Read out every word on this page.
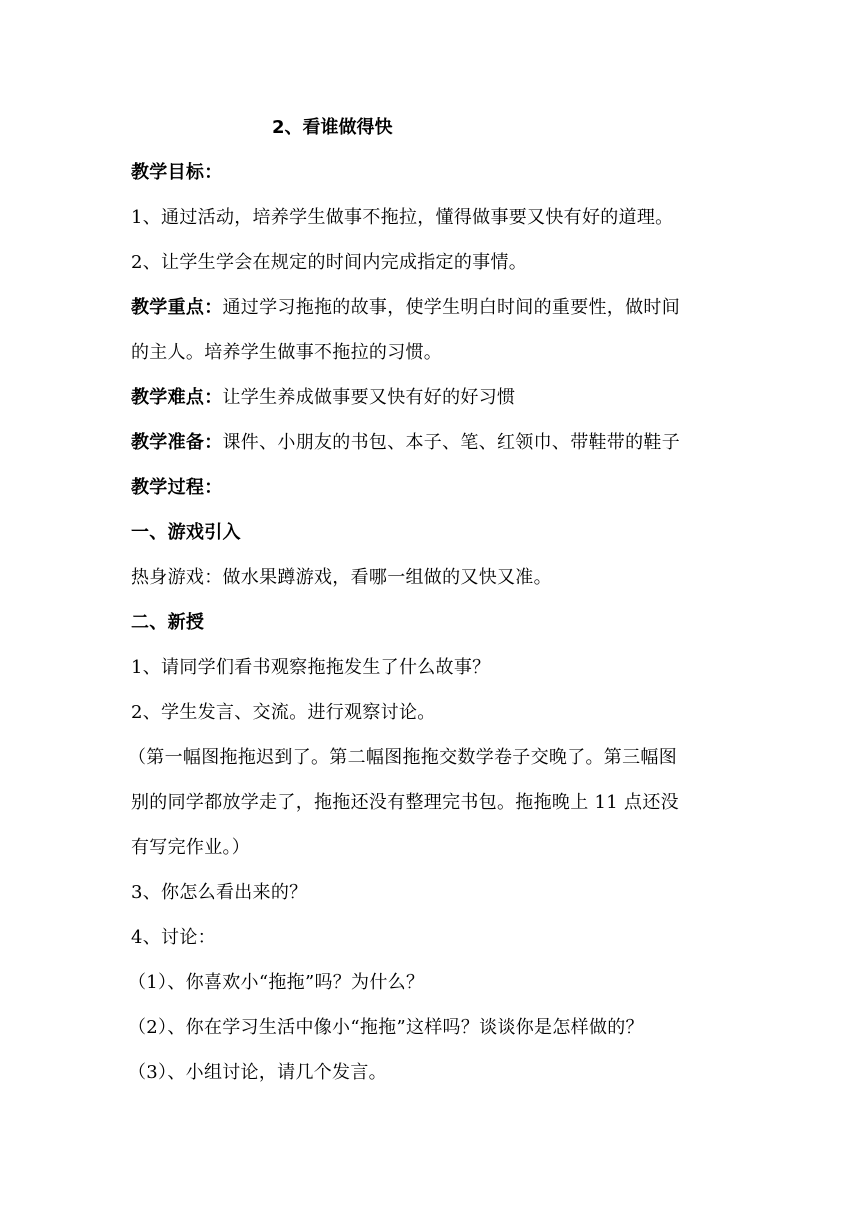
2、看谁做得快
教学目标：
1、通过活动，培养学生做事不拖拉，懂得做事要又快有好的道理。
2、让学生学会在规定的时间内完成指定的事情。
教学重点：通过学习拖拖的故事，使学生明白时间的重要性，做时间
的主人。培养学生做事不拖拉的习惯。
教学难点：让学生养成做事要又快有好的好习惯
教学准备：课件、小朋友的书包、本子、笔、红领巾、带鞋带的鞋子
教学过程：
一、游戏引入
热身游戏：做水果蹲游戏，看哪一组做的又快又准。
二、新授
1、请同学们看书观察拖拖发生了什么故事？
2、学生发言、交流。进行观察讨论。
（第一幅图拖拖迟到了。第二幅图拖拖交数学卷子交晚了。第三幅图
别的同学都放学走了，拖拖还没有整理完书包。拖拖晚上 11 点还没
有写完作业。）
3、你怎么看出来的？
4、讨论：
（1）、你喜欢小“拖拖”吗？为什么？
（2）、你在学习生活中像小“拖拖”这样吗？谈谈你是怎样做的？
（3）、小组讨论，请几个发言。
